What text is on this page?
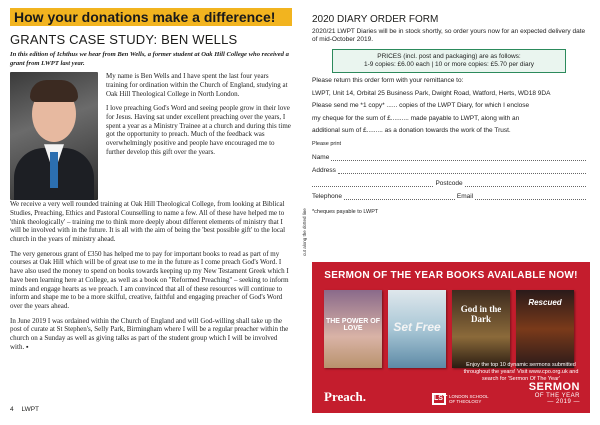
How your donations make a difference!
GRANTS CASE STUDY: BEN WELLS
In this edition of Ichthus we hear from Ben Wells, a former student at Oak Hill College who received a grant from LWPT last year.

My name is Ben Wells and I have spent the last four years training for ordination within the Church of England, studying at Oak Hill Theological College in North London.

I love preaching God's Word and seeing people grow in their love for Jesus. Having sat under excellent preaching over the years, I spent a year as a Ministry Trainee at a church and during this time got the opportunity to preach. Much of the feedback was overwhelmingly positive and people have encouraged me to further develop this gift over the years.

We receive a very well rounded training at Oak Hill Theological College, from looking at Biblical Studies, Preaching, Ethics and Pastoral Counselling to name a few. All of these have helped me to 'think theologically' – training me to think more deeply about different elements of ministry that I will be involved with in the future. It is all with the aim of being the 'best possible gift' to the local church in the years of ministry ahead.

The very generous grant of £350 has helped me to pay for important books to read as part of my courses at Oak Hill which will be of great use to me in the future as I come preach God's Word. I have also used the money to spend on books towards keeping up my New Testament Greek which I have been learning here at College, as well as a book on "Reformed Preaching" – seeking to inform minds and engage hearts as we preach. I am convinced that all of these resources will continue to inform and shape me to be a more skilful, creative, faithful and engaging preacher of God's Word over the years ahead.

In June 2019 I was ordained within the Church of England and will God-willing shall take up the post of curate at St Stephen's, Selly Park, Birmingham where I will be a regular preacher within the church on a Sunday as well as giving talks as part of the student group which I will be involved with. ▪

4 LWPT
cut along the dotted line
2020 DIARY ORDER FORM
2020/21 LWPT Diaries will be in stock shortly, so order yours now for an expected delivery date of mid-October 2019.
PRICES (incl. post and packaging) are as follows:
1-9 copies: £6.00 each | 10 or more copies: £5.70 per diary
Please return this order form with your remittance to:
LWPT, Unit 14, Orbital 25 Business Park, Dwight Road, Watford, Herts, WD18 9DA
Please send me *1 copy* ...... copies of the LWPT Diary, for which I enclose
my cheque for the sum of £.......... made payable to LWPT, along with an
additional sum of £......... as a donation towards the work of the Trust.
Please print
Name
Address
Postcode
Telephone	Email
*cheques payable to LWPT
SERMON OF THE YEAR BOOKS AVAILABLE NOW!
THE POWER OF LOVE	Set Free
God in the Dark
Rescued
Enjoy the top 10 dynamic sermons submitted throughout the years! Visit www.cpo.org.uk and search for 'Sermon Of The Year'
Preach.	LST LONDON SCHOOL OF THEOLOGY
SERMON
OF THE YEAR
— 2019 —
